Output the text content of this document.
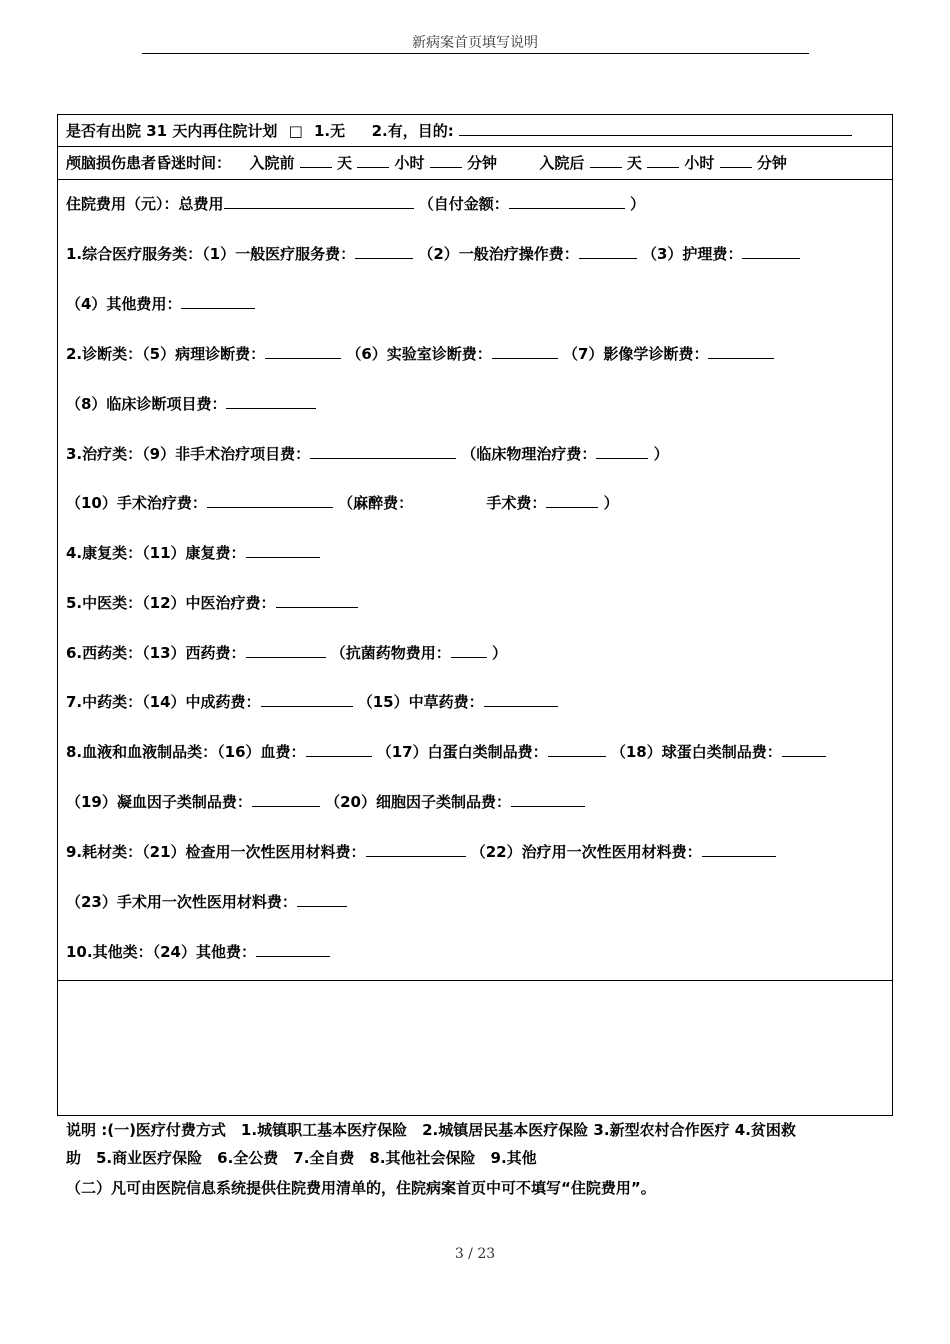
新病案首页填写说明
是否有出院 31 天内再住院计划 □ 1.无 2.有，目的:
颅脑损伤患者昏迷时间： 入院前	天	小时	分钟	入院后	天	小时	分钟
住院费用（元）：总费用	（自付金额：	）
1.综合医疗服务类：（1）一般医疗服务费：	（2）一般治疗操作费：	（3）护理费：
（4）其他费用：
2.诊断类：（5）病理诊断费：	（6）实验室诊断费：	（7）影像学诊断费：
（8）临床诊断项目费：
3.治疗类：（9）非手术治疗项目费：	（临床物理治疗费：	）
（10）手术治疗费：	（麻醉费：	手术费：	）
4.康复类：（11）康复费：
5.中医类：（12）中医治疗费：
6.西药类：（13）西药费：	（抗菌药物费用：	）
7.中药类：（14）中成药费：	（15）中草药费：
8.血液和血液制品类：（16）血费：	（17）白蛋白类制品费：	（18）球蛋白类制品费：
（19）凝血因子类制品费：	（20）细胞因子类制品费：
9.耗材类：（21）检查用一次性医用材料费：	（22）治疗用一次性医用材料费：
（23）手术用一次性医用材料费：
10.其他类：（24）其他费：
说明 :(一)医疗付费方式　1.城镇职工基本医疗保险　2.城镇居民基本医疗保险 3.新型农村合作医疗 4.贫困救
助　5.商业医疗保险　6.全公费　7.全自费　8.其他社会保险　9.其他
（二）凡可由医院信息系统提供住院费用清单的，住院病案首页中可不填写“住院费用”。
3 / 23
